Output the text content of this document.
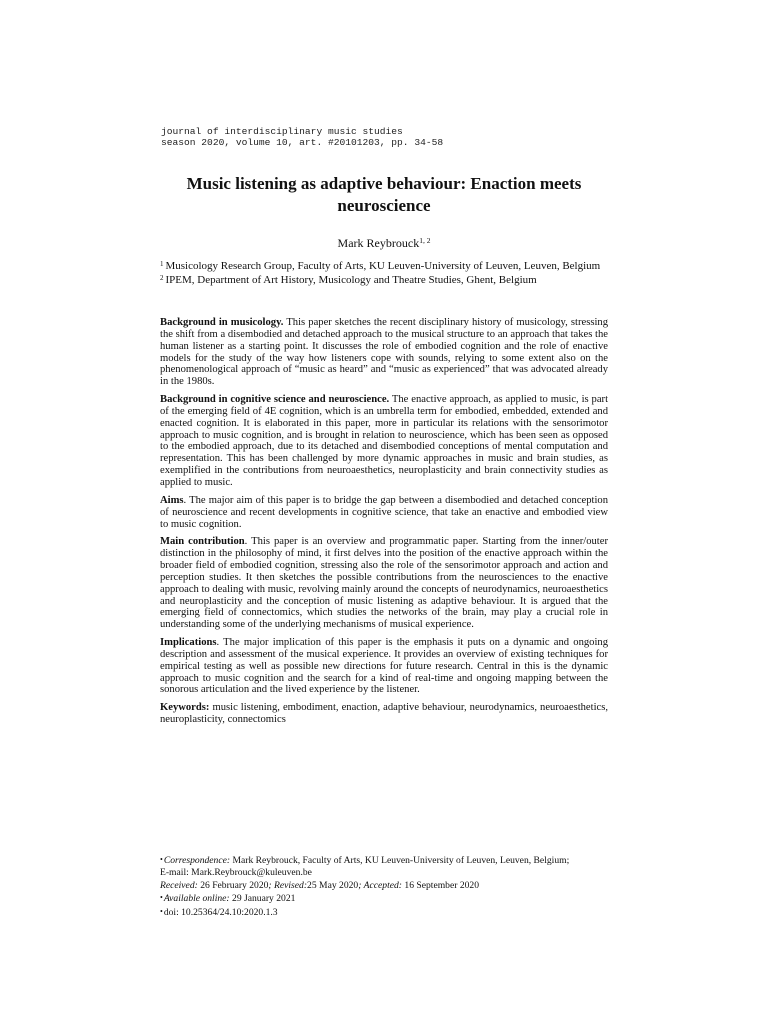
journal of interdisciplinary music studies
season 2020, volume 10, art. #20101203, pp. 34-58
Music listening as adaptive behaviour: Enaction meets neuroscience
Mark Reybrouck$^{1, 2}$
$^1$ Musicology Research Group, Faculty of Arts, KU Leuven-University of Leuven, Leuven, Belgium
$^2$ IPEM, Department of Art History, Musicology and Theatre Studies, Ghent, Belgium

Background in musicology. This paper sketches the recent disciplinary history of musicology, stressing the shift from a disembodied and detached approach to the musical structure to an approach that takes the human listener as a starting point. It discusses the role of embodied cognition and the role of enactive models for the study of the way how listeners cope with sounds, relying to some extent also on the phenomenological approach of “music as heard” and “music as experienced” that was advocated already in the 1980s.

Background in cognitive science and neuroscience. The enactive approach, as applied to music, is part of the emerging field of 4E cognition, which is an umbrella term for embodied, embedded, extended and enacted cognition. It is elaborated in this paper, more in particular its relations with the sensorimotor approach to music cognition, and is brought in relation to neuroscience, which has been seen as opposed to the embodied approach, due to its detached and disembodied conceptions of mental computation and representation. This has been challenged by more dynamic approaches in music and brain studies, as exemplified in the contributions from neuroaesthetics, neuroplasticity and brain connectivity studies as applied to music.

Aims. The major aim of this paper is to bridge the gap between a disembodied and detached conception of neuroscience and recent developments in cognitive science, that take an enactive and embodied view to music cognition.

Main contribution. This paper is an overview and programmatic paper. Starting from the inner/outer distinction in the philosophy of mind, it first delves into the position of the enactive approach within the broader field of embodied cognition, stressing also the role of the sensorimotor approach and action and perception studies. It then sketches the possible contributions from the neurosciences to the enactive approach to dealing with music, revolving mainly around the concepts of neurodynamics, neuroaesthetics and neuroplasticity and the conception of music listening as adaptive behaviour. It is argued that the emerging field of connectomics, which studies the networks of the brain, may play a crucial role in understanding some of the underlying mechanisms of musical experience.

Implications. The major implication of this paper is the emphasis it puts on a dynamic and ongoing description and assessment of the musical experience. It provides an overview of existing techniques for empirical testing as well as possible new directions for future research. Central in this is the dynamic approach to music cognition and the search for a kind of real-time and ongoing mapping between the sonorous articulation and the lived experience by the listener.

Keywords: music listening, embodiment, enaction, adaptive behaviour, neurodynamics, neuroaesthetics, neuroplasticity, connectomics

•Correspondence: Mark Reybrouck, Faculty of Arts, KU Leuven-University of Leuven, Leuven, Belgium;
E-mail: Mark.Reybrouck@kuleuven.be
Received: 26 February 2020; Revised:25 May 2020; Accepted: 16 September 2020
•Available online: 29 January 2021
•doi: 10.25364/24.10:2020.1.3
